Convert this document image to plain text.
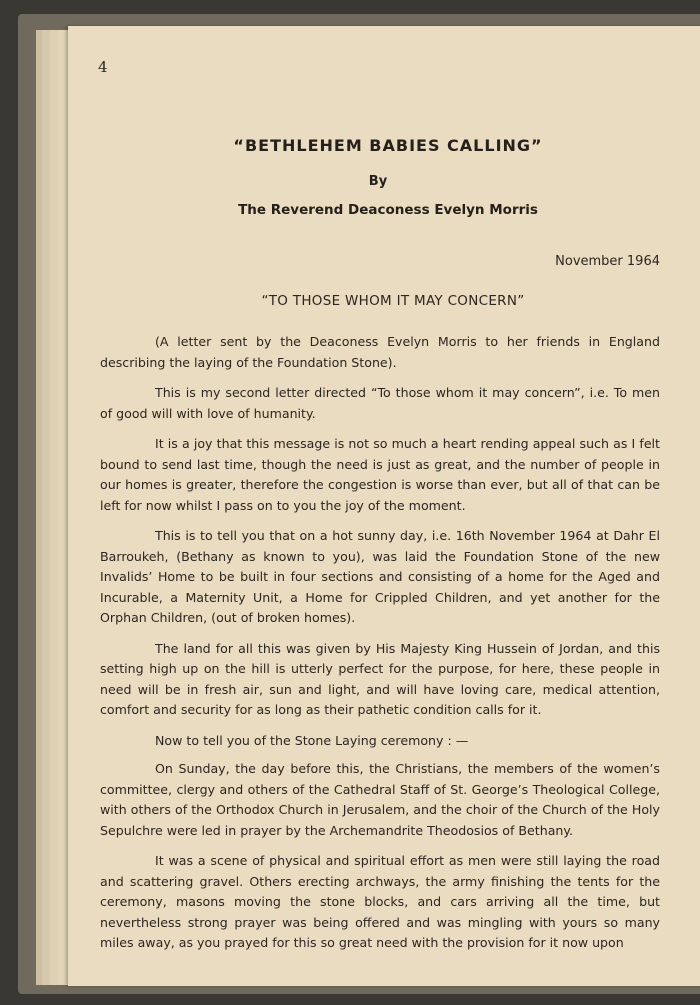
4
“BETHLEHEM BABIES CALLING”
By
The Reverend Deaconess Evelyn Morris
November 1964
“TO THOSE WHOM IT MAY CONCERN”

(A letter sent by the Deaconess Evelyn Morris to her friends in England describing the laying of the Foundation Stone).

This is my second letter directed “To those whom it may concern”, i.e. To men of good will with love of humanity.

It is a joy that this message is not so much a heart rending appeal such as I felt bound to send last time, though the need is just as great, and the number of people in our homes is greater, therefore the congestion is worse than ever, but all of that can be left for now whilst I pass on to you the joy of the moment.

This is to tell you that on a hot sunny day, i.e. 16th November 1964 at Dahr El Barroukeh, (Bethany as known to you), was laid the Foundation Stone of the new Invalids’ Home to be built in four sections and consisting of a home for the Aged and Incurable, a Maternity Unit, a Home for Crippled Children, and yet another for the Orphan Children, (out of broken homes).

The land for all this was given by His Majesty King Hussein of Jordan, and this setting high up on the hill is utterly perfect for the purpose, for here, these people in need will be in fresh air, sun and light, and will have loving care, medical attention, comfort and security for as long as their pathetic condition calls for it.

Now to tell you of the Stone Laying ceremony : —

On Sunday, the day before this, the Christians, the members of the women’s committee, clergy and others of the Cathedral Staff of St. George’s Theological College, with others of the Orthodox Church in Jerusalem, and the choir of the Church of the Holy Sepulchre were led in prayer by the Archemandrite Theodosios of Bethany.

It was a scene of physical and spiritual effort as men were still laying the road and scattering gravel. Others erecting archways, the army finishing the tents for the ceremony, masons moving the stone blocks, and cars arriving all the time, but nevertheless strong prayer was being offered and was mingling with yours so many miles away, as you prayed for this so great need with the provision for it now upon
